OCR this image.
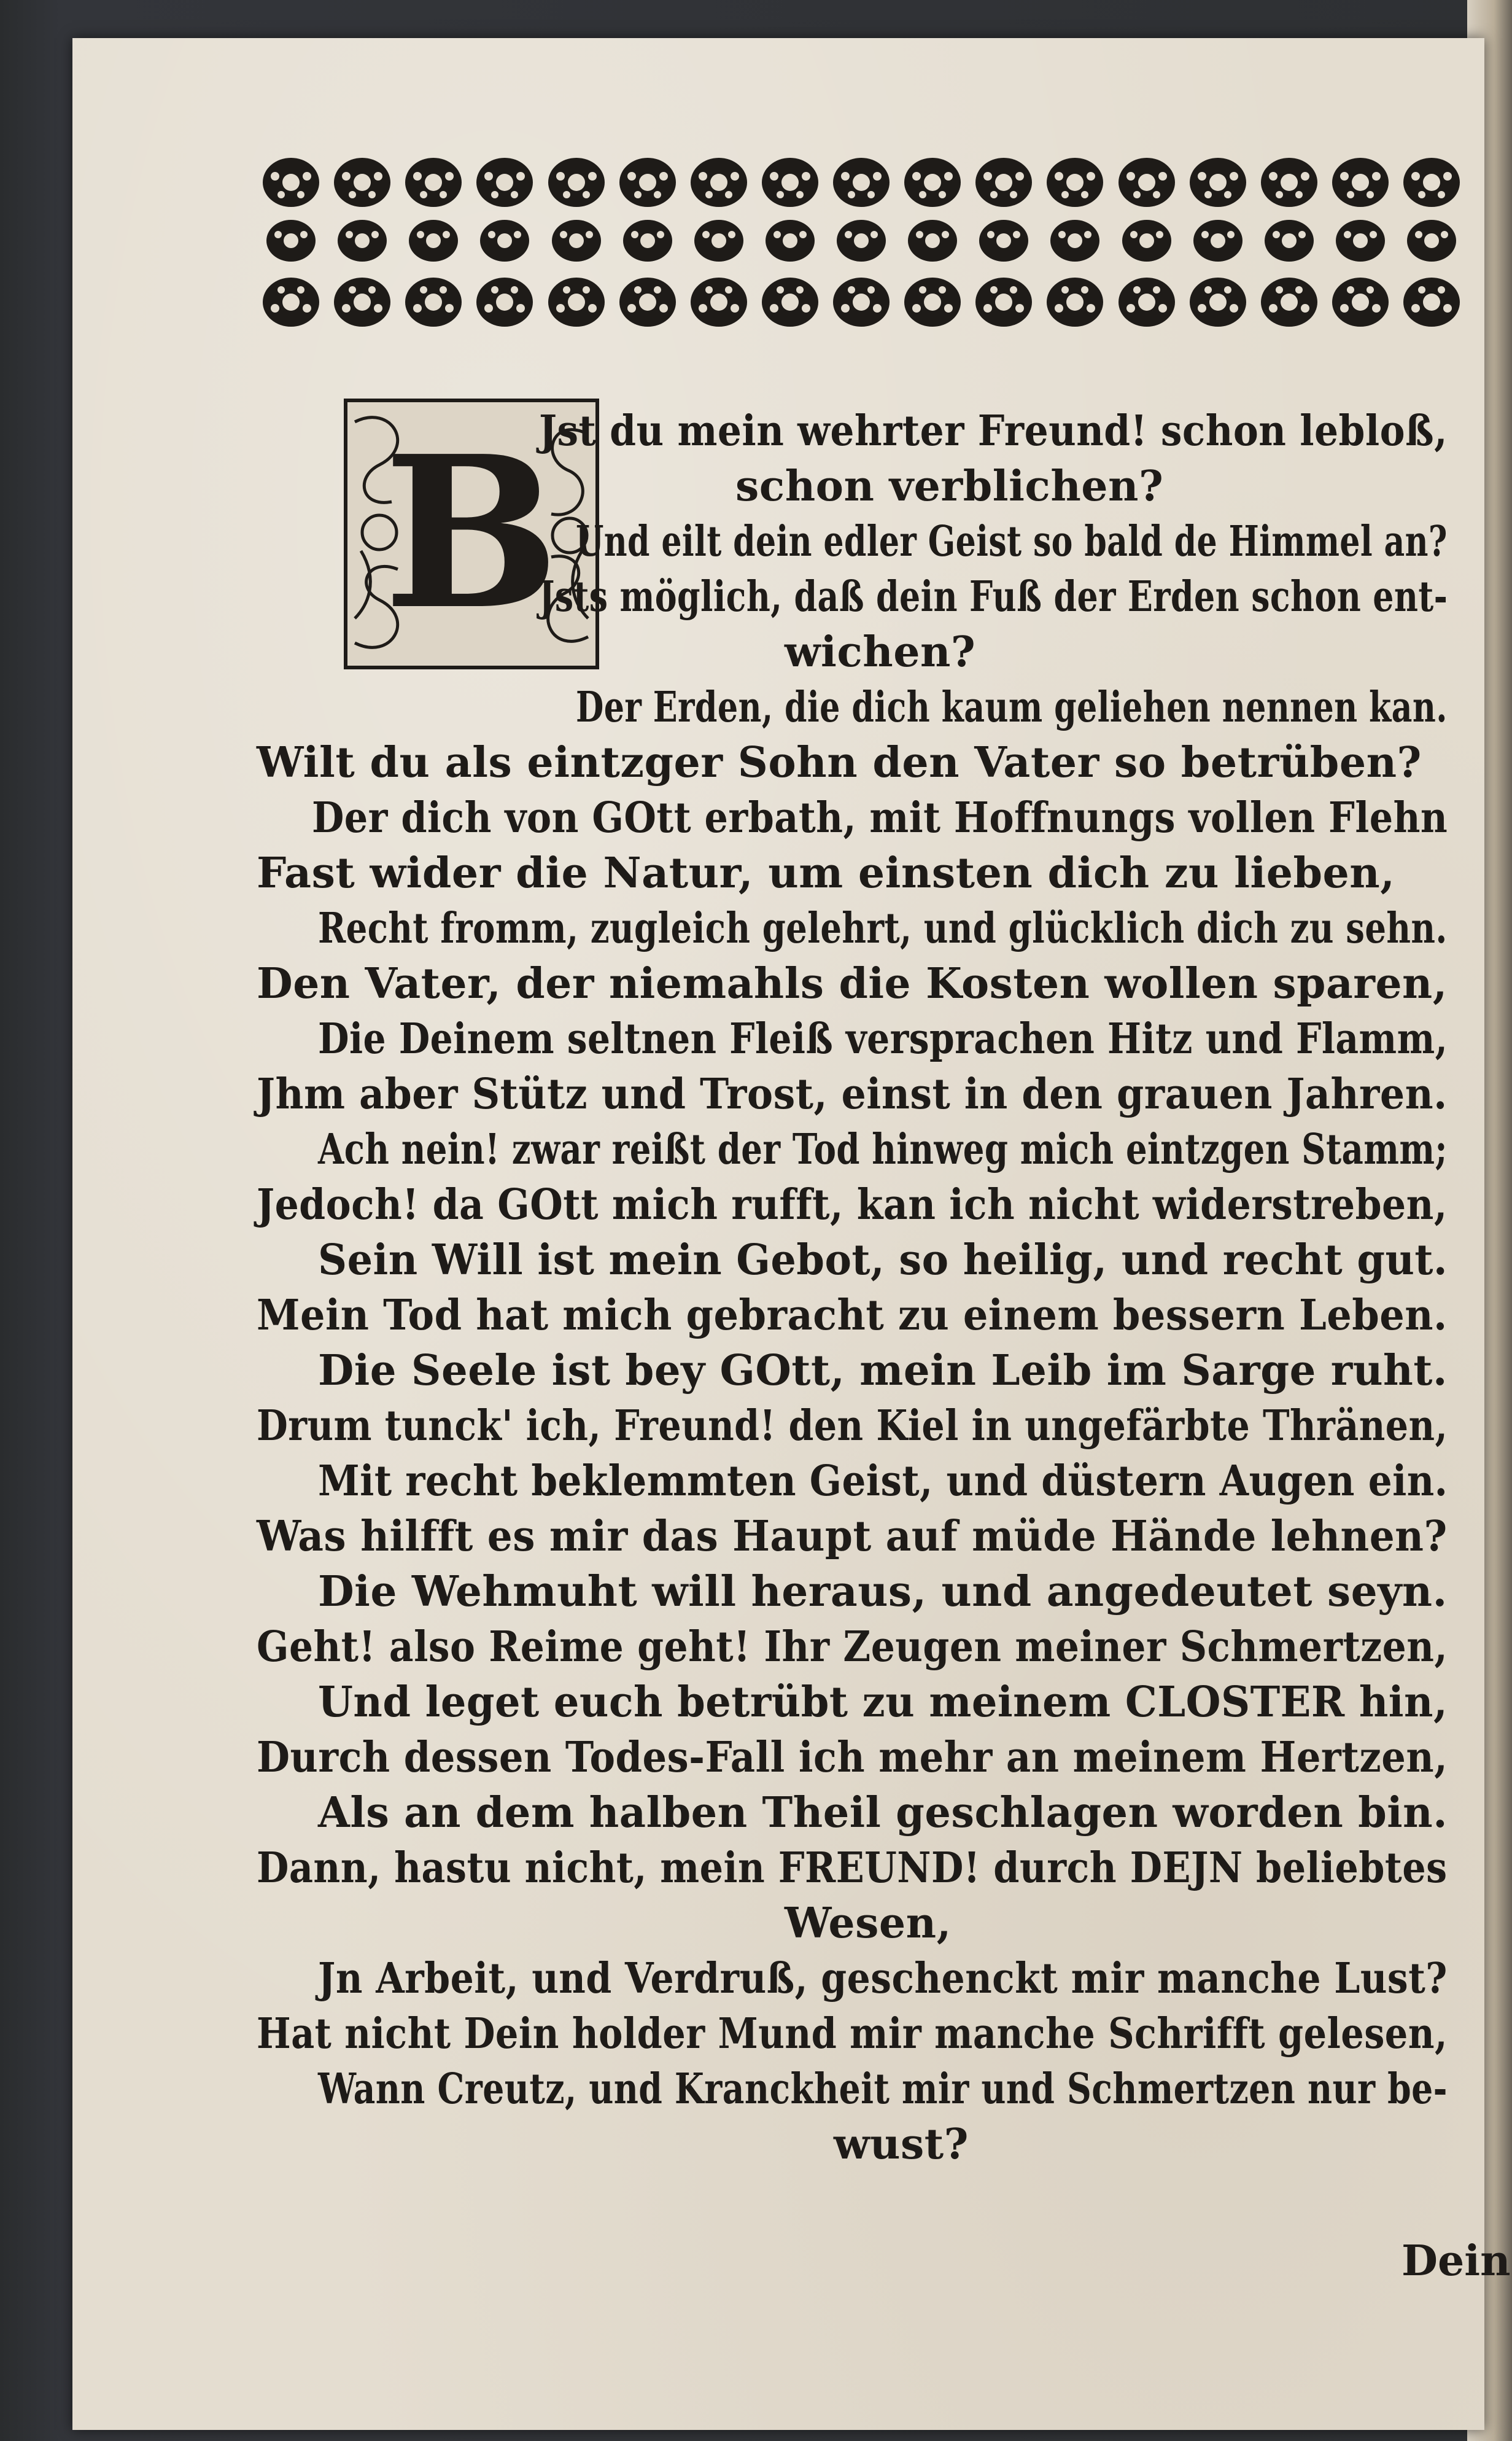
B
Jst du mein wehrter Freund! schon lebloß,
schon verblichen?
Und eilt dein edler Geist so bald de Himmel an?
Jsts möglich, daß dein Fuß der Erden schon ent-
wichen?
Der Erden, die dich kaum geliehen nennen kan.
Wilt du als eintzger Sohn den Vater so betrüben?
Der dich von GOtt erbath, mit Hoffnungs vollen Flehn
Fast wider die Natur, um einsten dich zu lieben,
Recht fromm, zugleich gelehrt, und glücklich dich zu sehn.
Den Vater, der niemahls die Kosten wollen sparen,
Die Deinem seltnen Fleiß versprachen Hitz und Flamm,
Jhm aber Stütz und Trost, einst in den grauen Jahren.
Ach nein! zwar reißt der Tod hinweg mich eintzgen Stamm;
Jedoch! da GOtt mich rufft, kan ich nicht widerstreben,
Sein Will ist mein Gebot, so heilig, und recht gut.
Mein Tod hat mich gebracht zu einem bessern Leben.
Die Seele ist bey GOtt, mein Leib im Sarge ruht.
Drum tunck' ich, Freund! den Kiel in ungefärbte Thränen,
Mit recht beklemmten Geist, und düstern Augen ein.
Was hilfft es mir das Haupt auf müde Hände lehnen?
Die Wehmuht will heraus, und angedeutet seyn.
Geht! also Reime geht! Ihr Zeugen meiner Schmertzen,
Und leget euch betrübt zu meinem CLOSTER hin,
Durch dessen Todes-Fall ich mehr an meinem Hertzen,
Als an dem halben Theil geschlagen worden bin.
Dann, hastu nicht, mein FREUND! durch DEJN beliebtes
Wesen,
Jn Arbeit, und Verdruß, geschenckt mir manche Lust?
Hat nicht Dein holder Mund mir manche Schrifft gelesen,
Wann Creutz, und Kranckheit mir und Schmertzen nur be-
wust?
Dein
